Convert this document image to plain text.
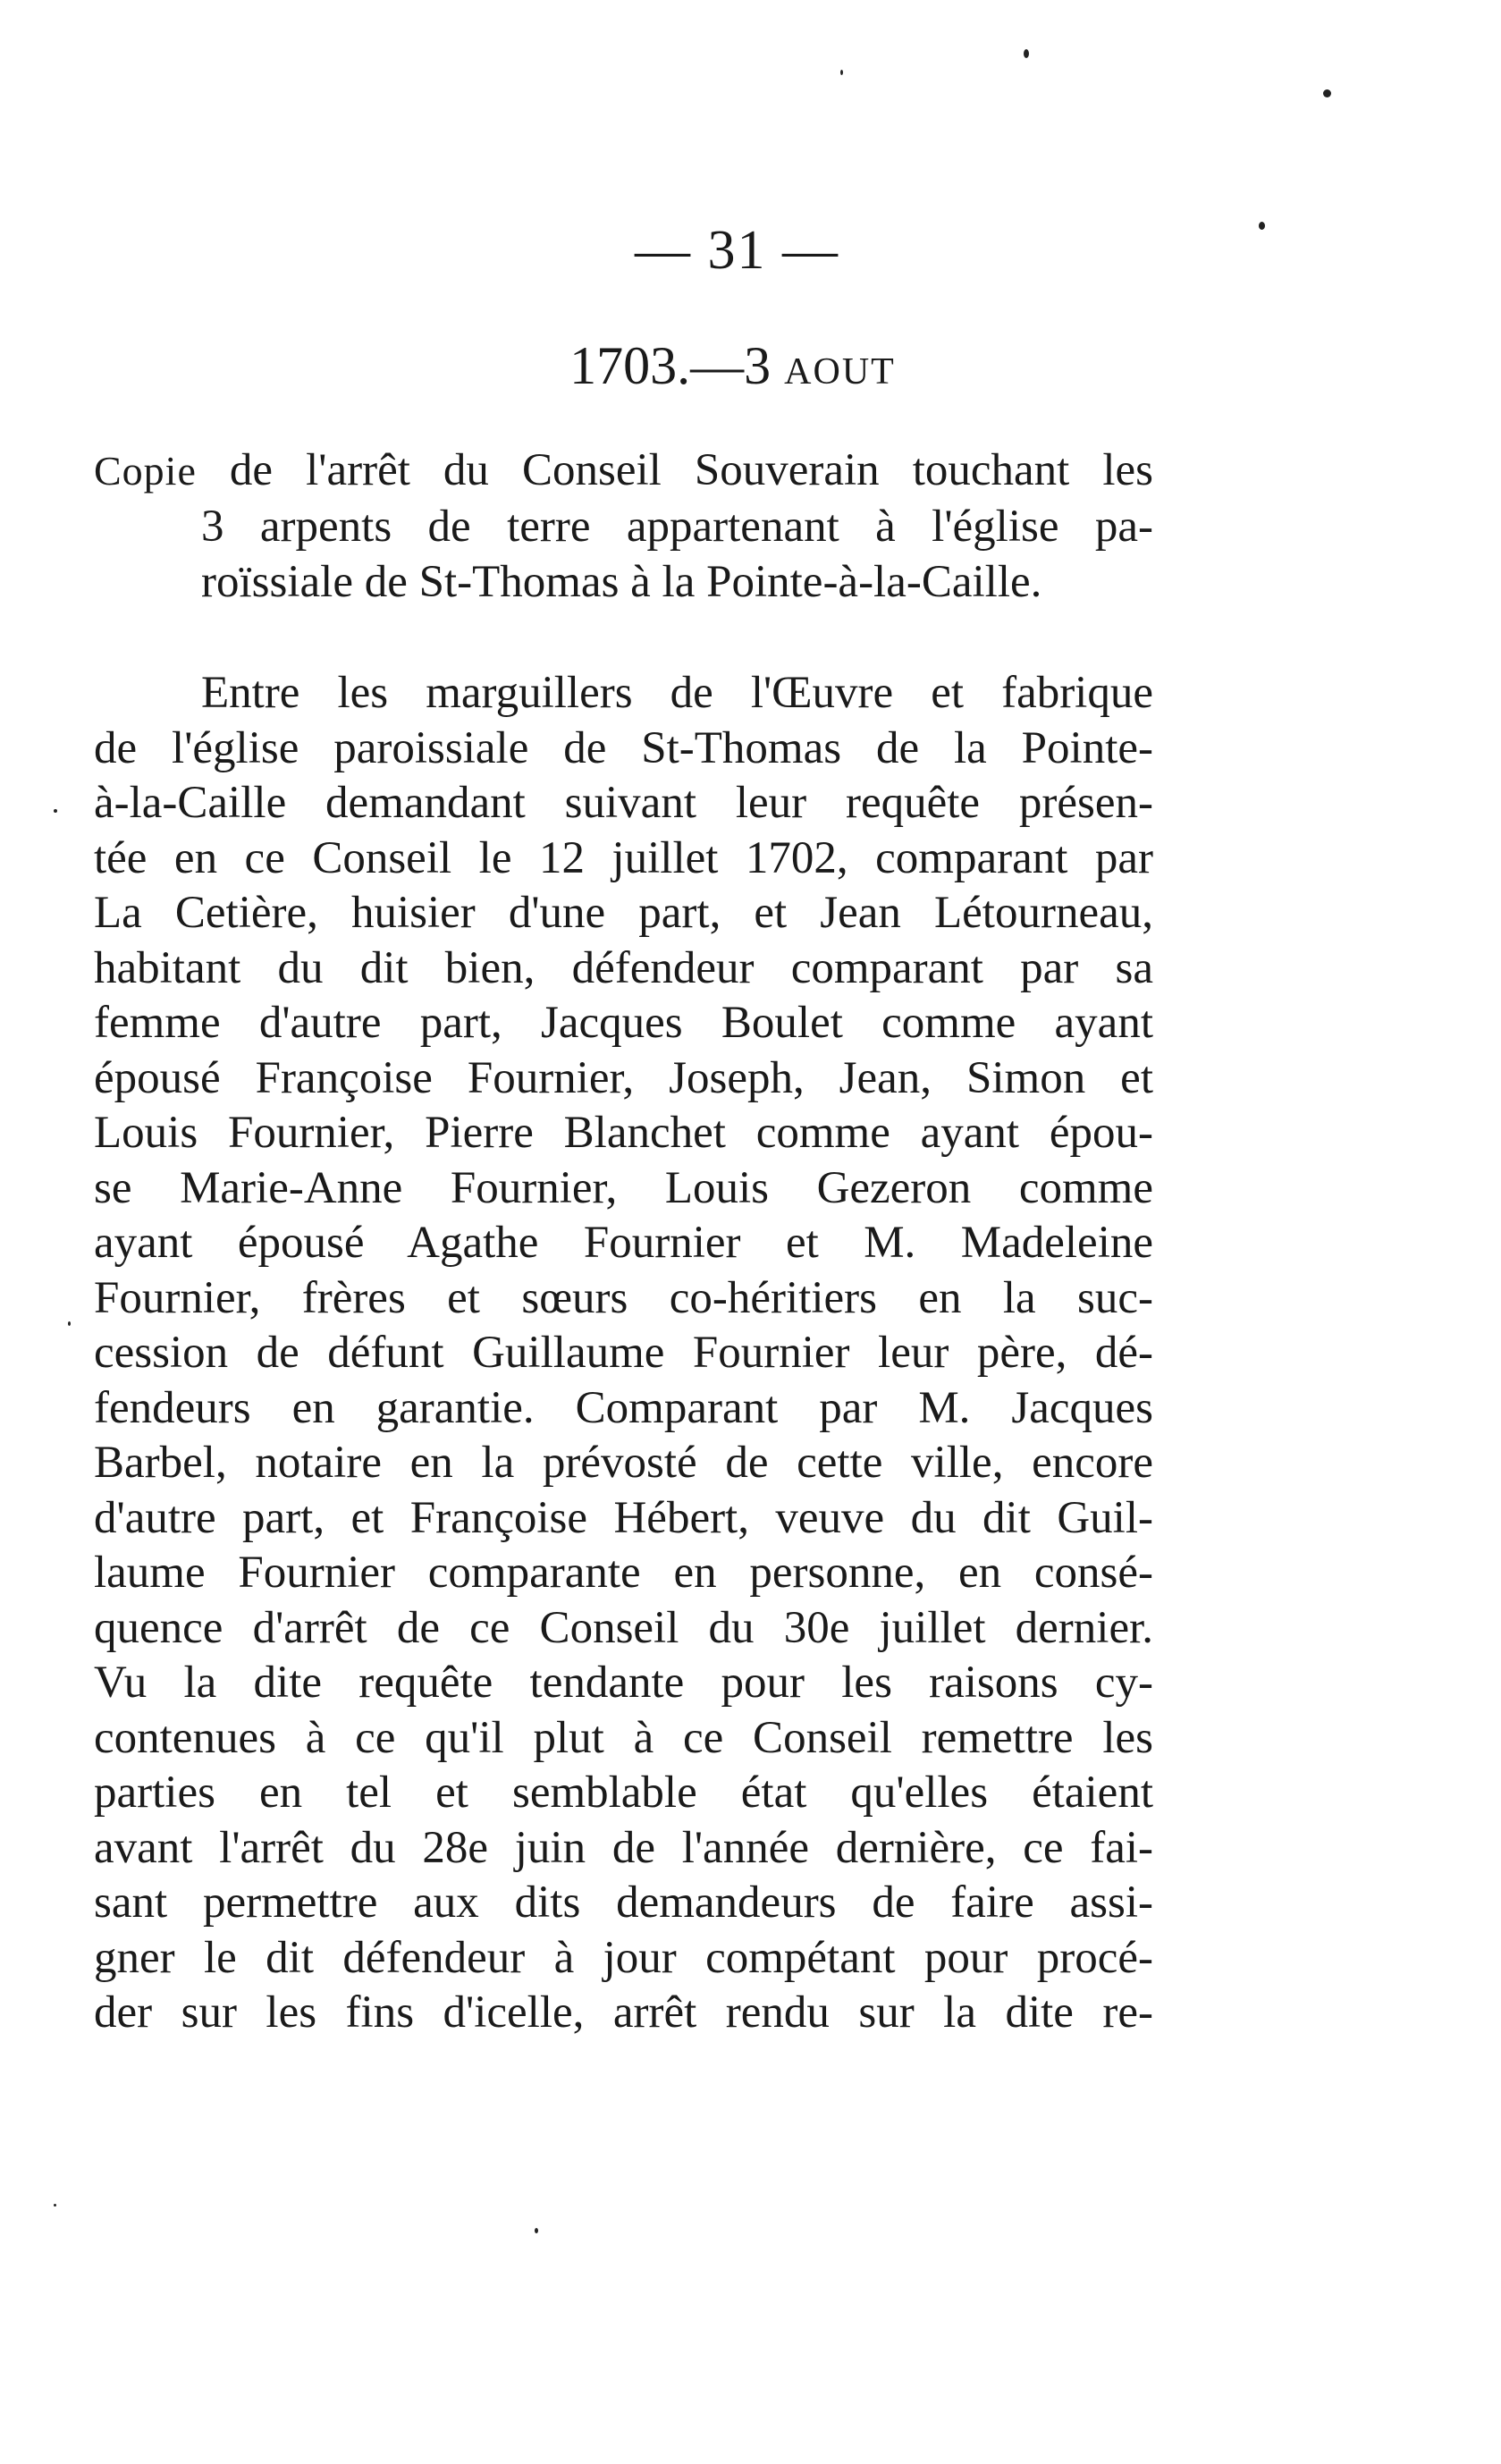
— 31 —
1703.—3 AOUT
Copie de l'arrêt du Conseil Souverain touchant les
3 arpents de terre appartenant à l'église pa-
roïssiale de St-Thomas à la Pointe-à-la-Caille.
Entre les marguillers de l'Œuvre et fabrique
de l'église paroissiale de St-Thomas de la Pointe-
à-la-Caille demandant suivant leur requête présen-
tée en ce Conseil le 12 juillet 1702, comparant par
La Cetière, huisier d'une part, et Jean Létourneau,
habitant du dit bien, défendeur comparant par sa
femme d'autre part, Jacques Boulet comme ayant
épousé Françoise Fournier, Joseph, Jean, Simon et
Louis Fournier, Pierre Blanchet comme ayant épou-
se Marie-Anne Fournier, Louis Gezeron comme
ayant épousé Agathe Fournier et M. Madeleine
Fournier, frères et sœurs co-héritiers en la suc-
cession de défunt Guillaume Fournier leur père, dé-
fendeurs en garantie. Comparant par M. Jacques
Barbel, notaire en la prévosté de cette ville, encore
d'autre part, et Françoise Hébert, veuve du dit Guil-
laume Fournier comparante en personne, en consé-
quence d'arrêt de ce Conseil du 30e juillet dernier.
Vu la dite requête tendante pour les raisons cy-
contenues à ce qu'il plut à ce Conseil remettre les
parties en tel et semblable état qu'elles étaient
avant l'arrêt du 28e juin de l'année dernière, ce fai-
sant permettre aux dits demandeurs de faire assi-
gner le dit défendeur à jour compétant pour procé-
der sur les fins d'icelle, arrêt rendu sur la dite re-
